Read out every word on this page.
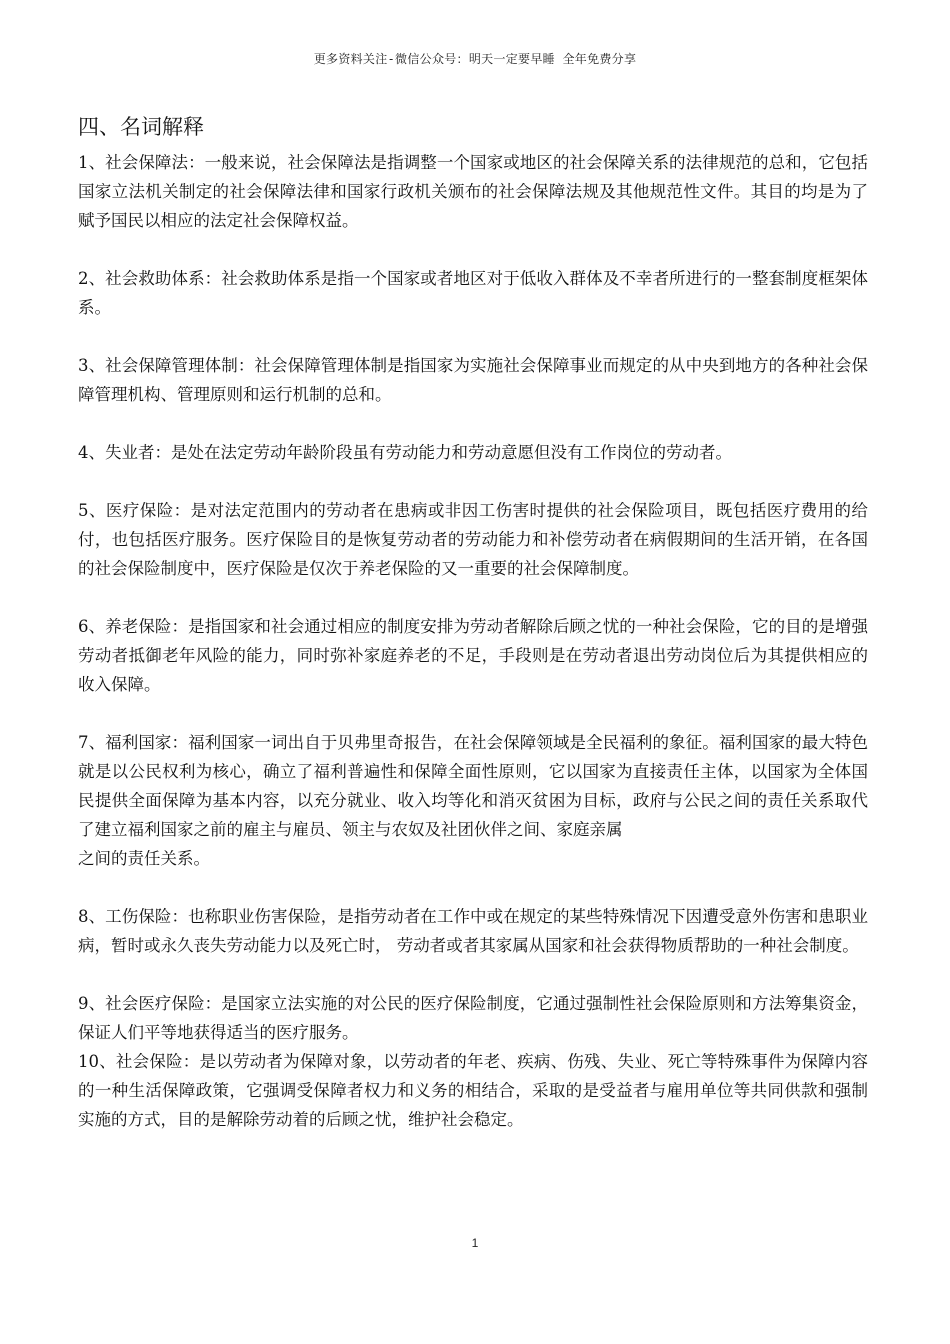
更多资料关注-微信公众号：明天一定要早睡 全年免费分享
四、名词解释

1、社会保障法：一般来说，社会保障法是指调整一个国家或地区的社会保障关系的法律规范的总和，它包括国家立法机关制定的社会保障法律和国家行政机关颁布的社会保障法规及其他规范性文件。其目的均是为了赋予国民以相应的法定社会保障权益。

2、社会救助体系：社会救助体系是指一个国家或者地区对于低收入群体及不幸者所进行的一整套制度框架体系。

3、社会保障管理体制：社会保障管理体制是指国家为实施社会保障事业而规定的从中央到地方的各种社会保障管理机构、管理原则和运行机制的总和。

4、失业者：是处在法定劳动年龄阶段虽有劳动能力和劳动意愿但没有工作岗位的劳动者。

5、医疗保险：是对法定范围内的劳动者在患病或非因工伤害时提供的社会保险项目，既包括医疗费用的给付，也包括医疗服务。医疗保险目的是恢复劳动者的劳动能力和补偿劳动者在病假期间的生活开销，在各国的社会保险制度中，医疗保险是仅次于养老保险的又一重要的社会保障制度。

6、养老保险：是指国家和社会通过相应的制度安排为劳动者解除后顾之忧的一种社会保险，它的目的是增强劳动者抵御老年风险的能力，同时弥补家庭养老的不足，手段则是在劳动者退出劳动岗位后为其提供相应的收入保障。

7、福利国家：福利国家一词出自于贝弗里奇报告，在社会保障领域是全民福利的象征。福利国家的最大特色就是以公民权利为核心，确立了福利普遍性和保障全面性原则，它以国家为直接责任主体，以国家为全体国民提供全面保障为基本内容，以充分就业、收入均等化和消灭贫困为目标，政府与公民之间的责任关系取代了建立福利国家之前的雇主与雇员、领主与农奴及社团伙伴之间、家庭亲属
之间的责任关系。

8、工伤保险：也称职业伤害保险，是指劳动者在工作中或在规定的某些特殊情况下因遭受意外伤害和患职业病，暂时或永久丧失劳动能力以及死亡时， 劳动者或者其家属从国家和社会获得物质帮助的一种社会制度。

9、社会医疗保险：是国家立法实施的对公民的医疗保险制度，它通过强制性社会保险原则和方法筹集资金，保证人们平等地获得适当的医疗服务。

10、社会保险：是以劳动者为保障对象，以劳动者的年老、疾病、伤残、失业、死亡等特殊事件为保障内容的一种生活保障政策，它强调受保障者权力和义务的相结合，采取的是受益者与雇用单位等共同供款和强制实施的方式，目的是解除劳动着的后顾之忧，维护社会稳定。

1
